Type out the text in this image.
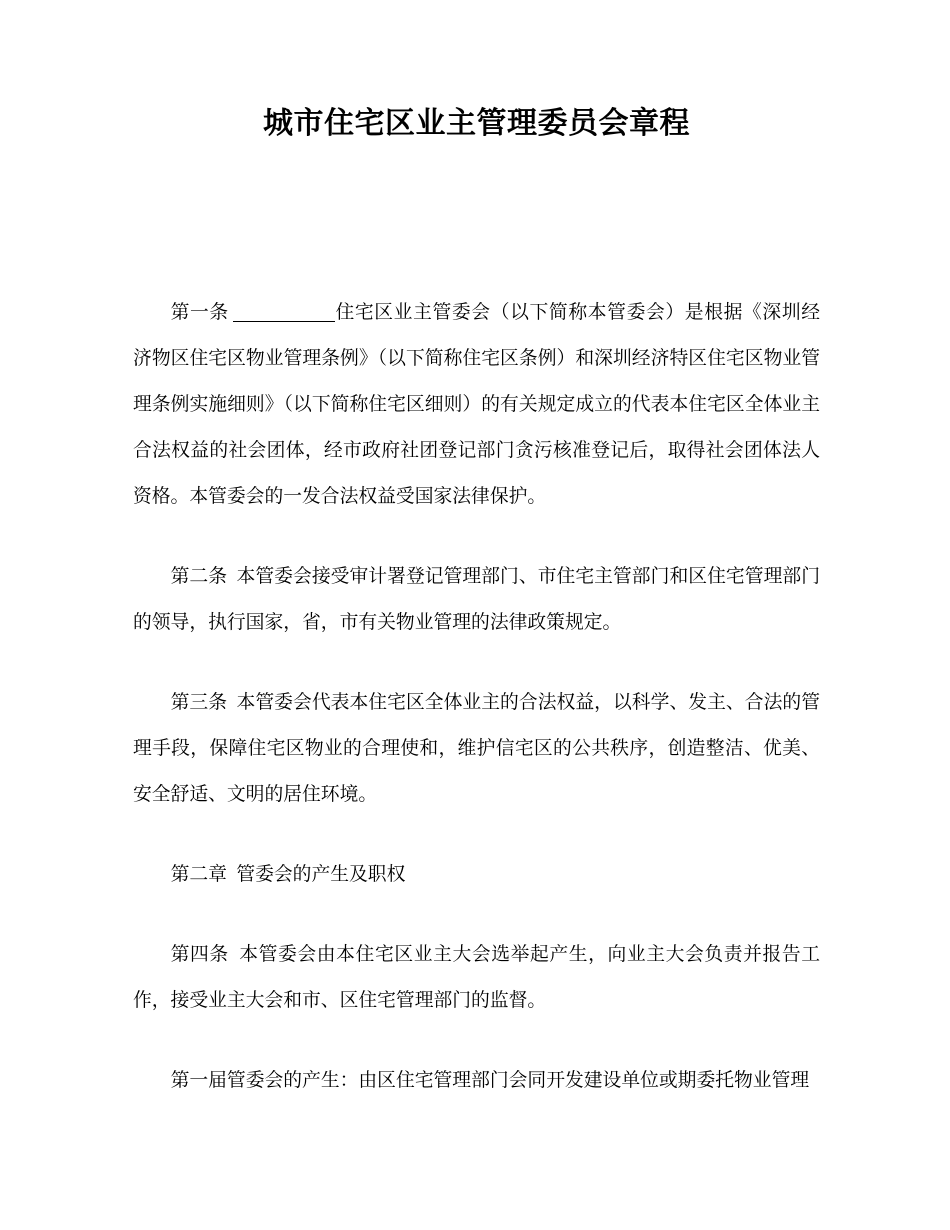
城市住宅区业主管理委员会章程

第一条	住宅区业主管委会（以下简称本管委会）是根据《深圳经济物区住宅区物业管理条例》（以下简称住宅区条例）和深圳经济特区住宅区物业管理条例实施细则》（以下简称住宅区细则）的有关规定成立的代表本住宅区全体业主合法权益的社会团体，经市政府社团登记部门贪污核准登记后，取得社会团体法人资格。本管委会的一发合法权益受国家法律保护。

第二条  本管委会接受审计署登记管理部门、市住宅主管部门和区住宅管理部门的领导，执行国家，省，市有关物业管理的法律政策规定。

第三条  本管委会代表本住宅区全体业主的合法权益，以科学、发主、合法的管理手段，保障住宅区物业的合理使和，维护信宅区的公共秩序，创造整洁、优美、安全舒适、文明的居住环境。

第二章  管委会的产生及职权

第四条  本管委会由本住宅区业主大会选举起产生，向业主大会负责并报告工作，接受业主大会和市、区住宅管理部门的监督。

第一届管委会的产生：由区住宅管理部门会同开发建设单位或期委托物业管理
